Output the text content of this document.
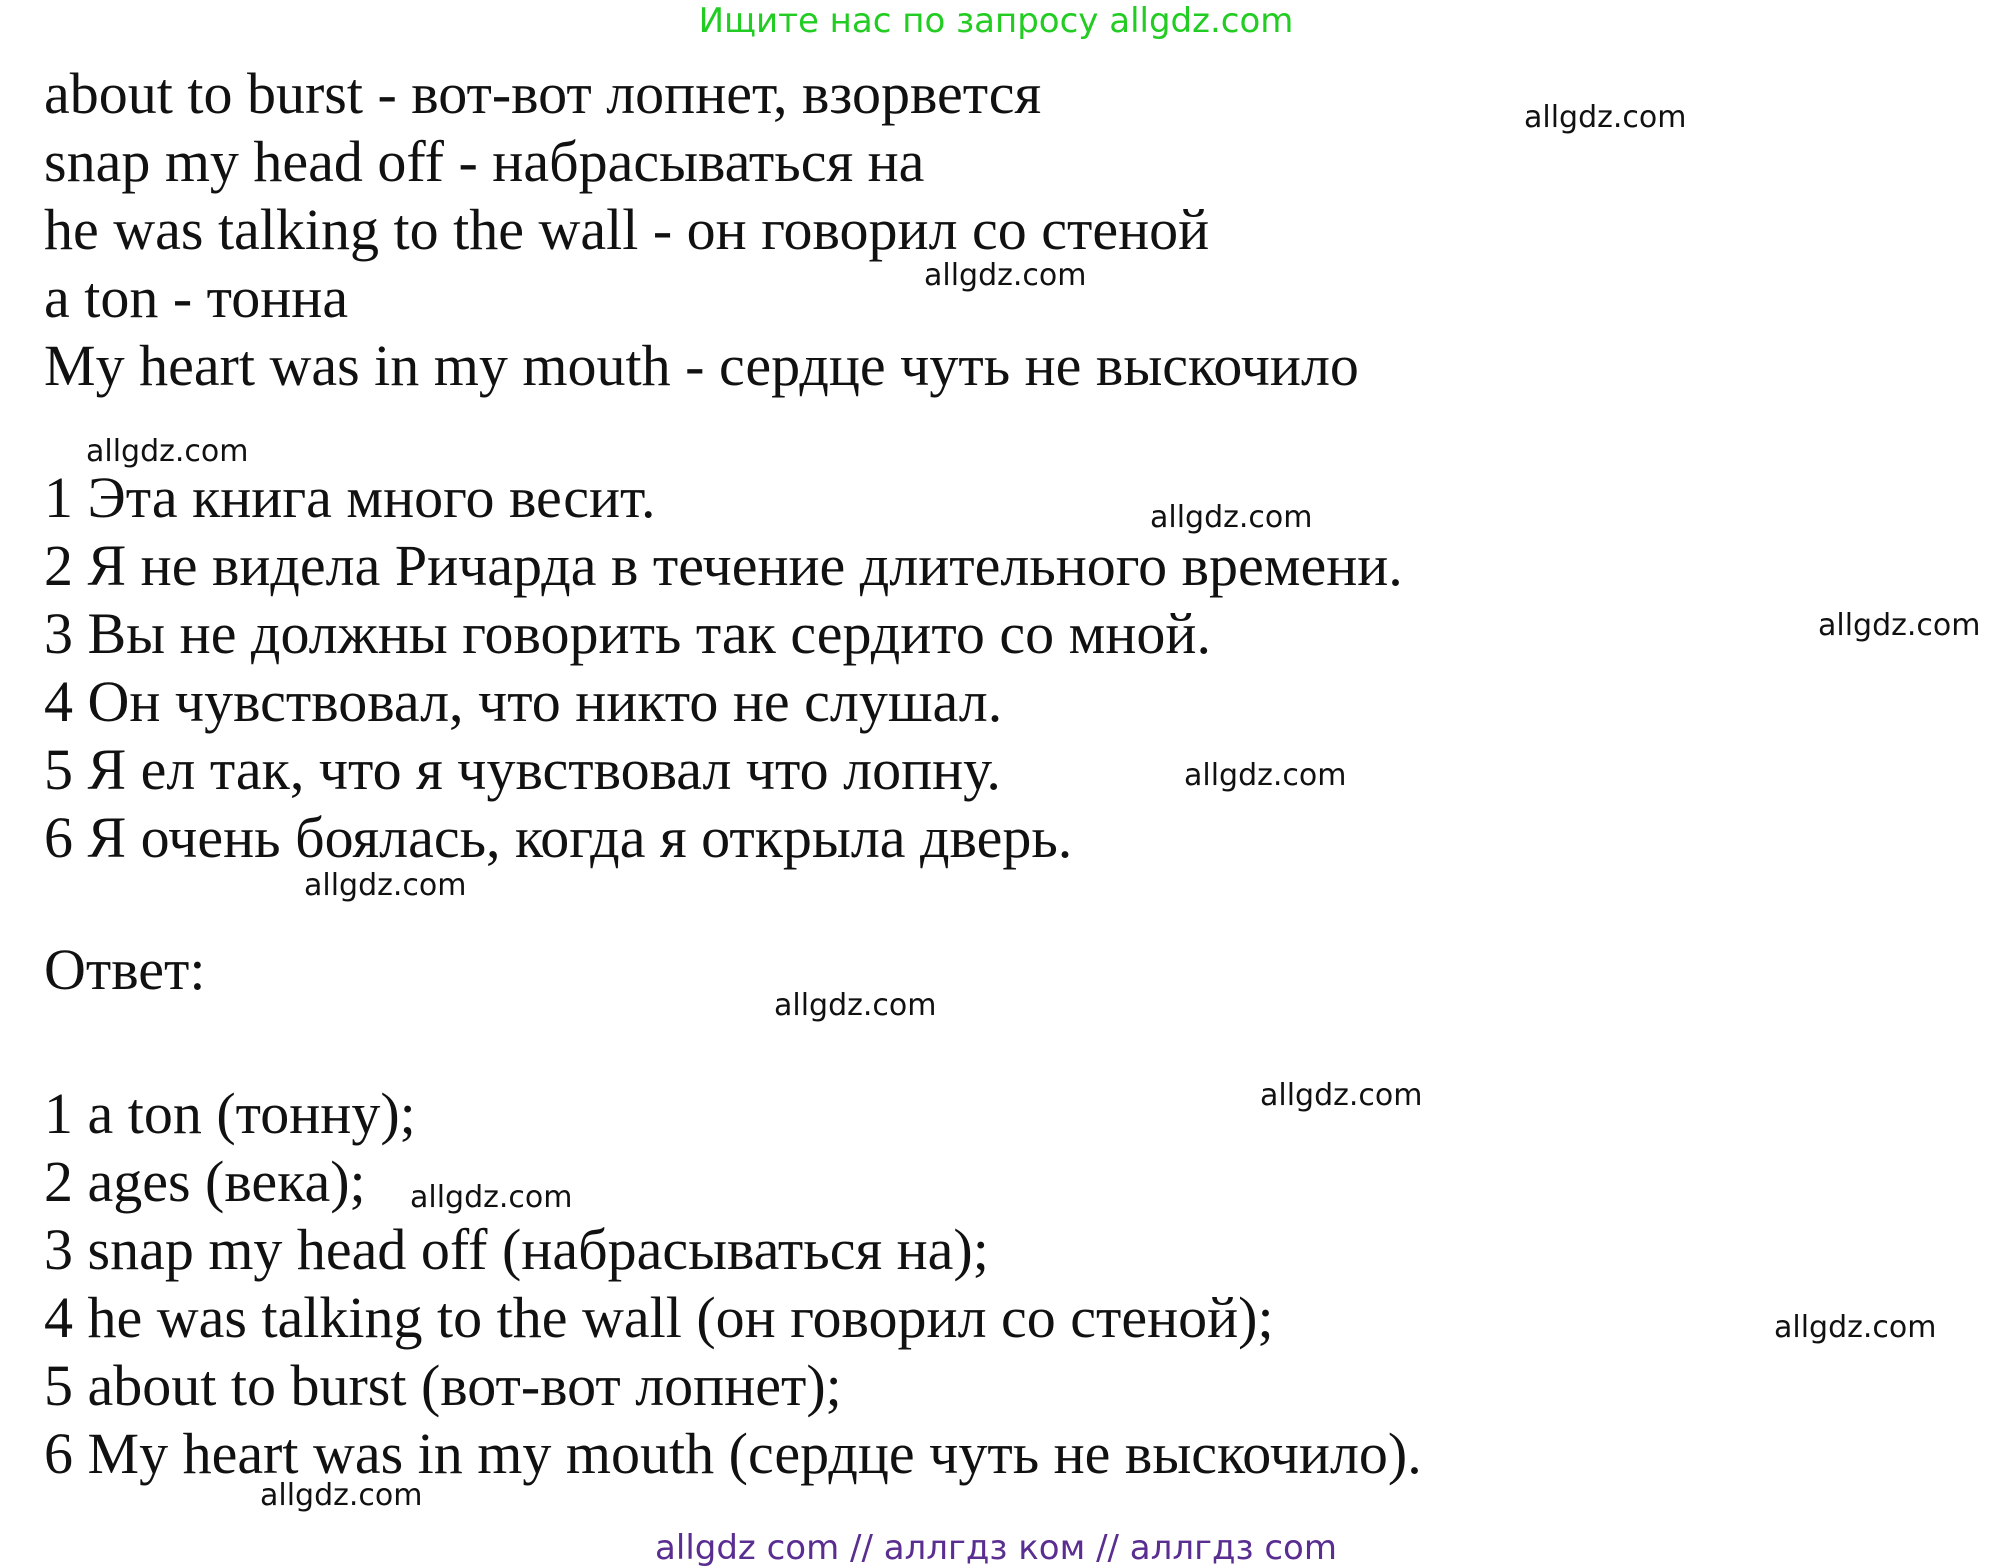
Ищите нас по запросу allgdz.com
about to burst - вот-вот лопнет, взорвется
snap my head off - набрасываться на
he was talking to the wall - он говорил со стеной
a ton - тонна
My heart was in my mouth - сердце чуть не выскочило
1 Эта книга много весит.
2 Я не видела Ричарда в течение длительного времени.
3 Вы не должны говорить так сердито со мной.
4 Он чувствовал, что никто не слушал.
5 Я ел так, что я чувствовал что лопну.
6 Я очень боялась, когда я открыла дверь.
Ответ:
1 a ton (тонну);
2 ages (века);
3 snap my head off (набрасываться на);
4 he was talking to the wall (он говорил со стеной);
5 about to burst (вот-вот лопнет);
6 My heart was in my mouth (сердце чуть не выскочило).
allgdz.com
allgdz.com
allgdz.com
allgdz.com
allgdz.com
allgdz.com
allgdz.com
allgdz.com
allgdz.com
allgdz.com
allgdz.com
allgdz.com
allgdz com // аллгдз ком // аллгдз com
